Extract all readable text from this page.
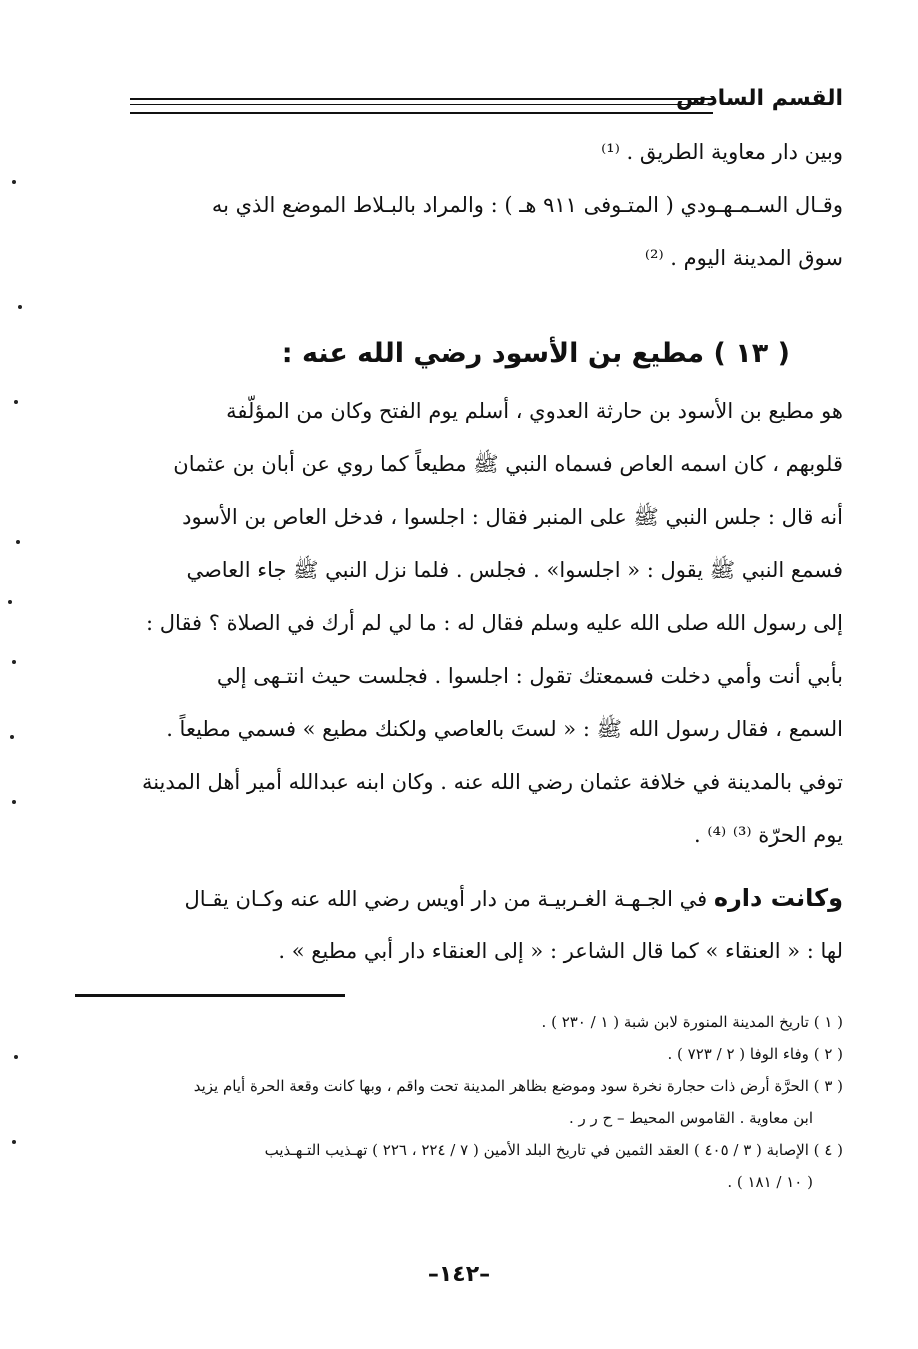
القسم السادس
وبين دار معاوية الطريق . ⁽¹⁾
وقـال السـمـهـودي ( المتـوفى ٩١١ هـ ) : والمراد بالبـلاط الموضع الذي به
سوق المدينة اليوم . ⁽²⁾
( ١٣ ) مطيع بن الأسود رضي الله عنه :
هو مطيع بن الأسود بن حارثة العدوي ، أسلم يوم الفتح وكان من المؤلّفة
قلوبهم ، كان اسمه العاص فسماه النبي ﷺ مطيعاً كما روي عن أبان بن عثمان
أنه قال : جلس النبي ﷺ على المنبر فقال : اجلسوا ، فدخل العاص بن الأسود
فسمع النبي ﷺ يقول : « اجلسوا» . فجلس . فلما نزل النبي ﷺ جاء العاصي
إلى رسول الله صلى الله عليه وسلم فقال له : ما لي لم أرك في الصلاة ؟ فقال :
بأبي أنت وأمي دخلت فسمعتك تقول : اجلسوا . فجلست حيث انتـهى إلي
السمع ، فقال رسول الله ﷺ : « لستَ بالعاصي ولكنك مطيع » فسمي مطيعاً .
توفي بالمدينة في خلافة عثمان رضي الله عنه . وكان ابنه عبدالله أمير أهل المدينة
يوم الحرّة ⁽³⁾ ⁽⁴⁾ .
وكانت داره في الجـهـة الغـربيـة من دار أويس رضي الله عنه وكـان يقـال
لها : « العنقاء » كما قال الشاعر : « إلى العنقاء دار أبي مطيع » .
( ١ ) تاريخ المدينة المنورة لابن شبة ( ١ / ٢٣٠ ) .
( ٢ ) وفاء الوفا ( ٢ / ٧٢٣ ) .
( ٣ ) الحرَّة أرض ذات حجارة نخرة سود وموضع بظاهر المدينة تحت واقم ، وبها كانت وقعة الحرة أيام يزيد
ابن معاوية . القاموس المحيط – ح ر ر .
( ٤ ) الإصابة ( ٣ / ٤٠٥ ) العقد الثمين في تاريخ البلد الأمين ( ٧ / ٢٢٤ ، ٢٢٦ ) تهـذيب التـهـذيب
( ١٠ / ١٨١ ) .
–١٤٢–
